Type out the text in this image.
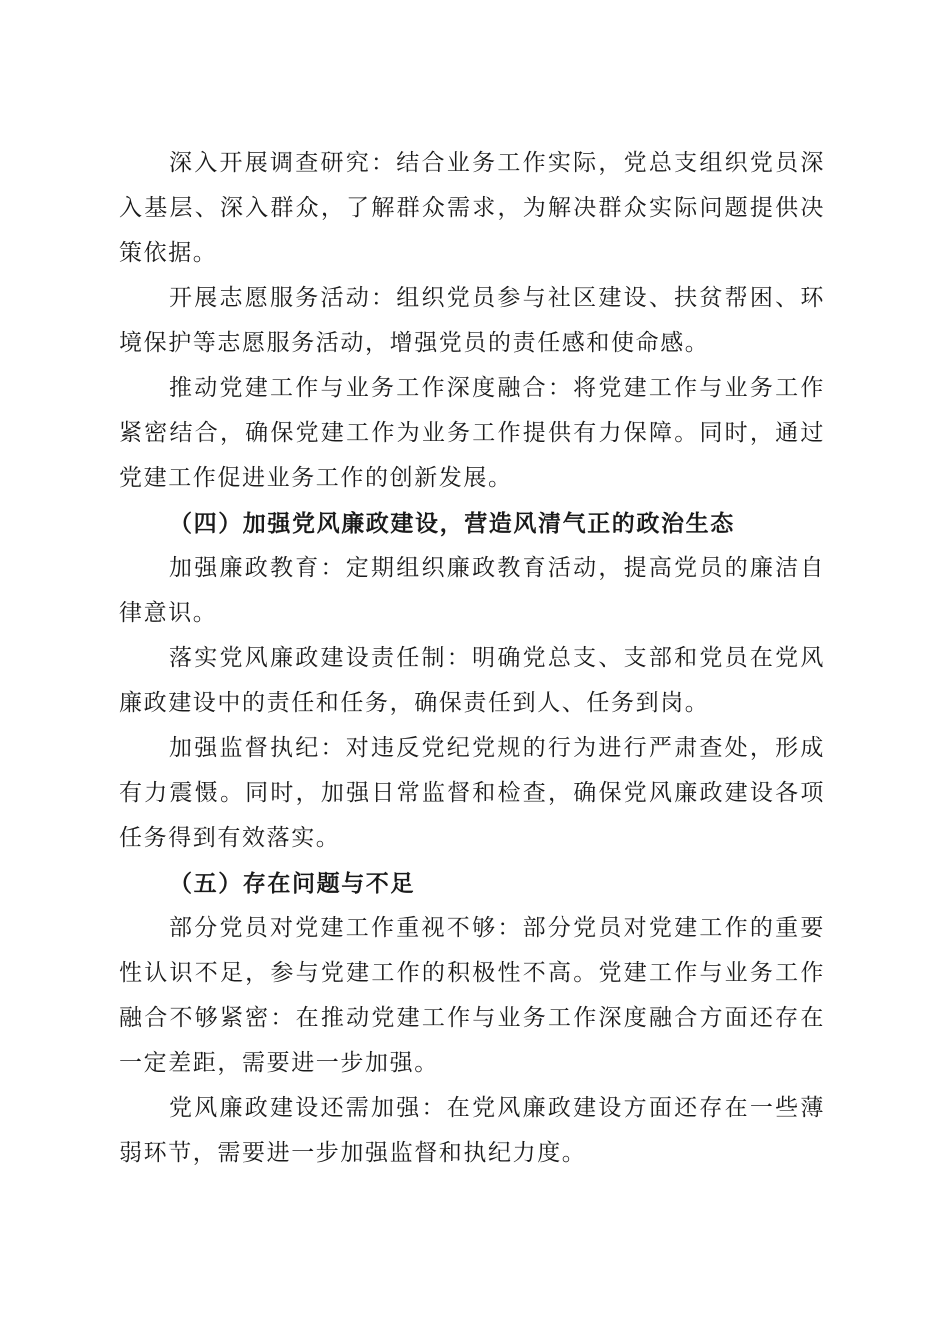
深入开展调查研究：结合业务工作实际，党总支组织党员深入基层、深入群众，了解群众需求，为解决群众实际问题提供决策依据。

开展志愿服务活动：组织党员参与社区建设、扶贫帮困、环境保护等志愿服务活动，增强党员的责任感和使命感。

推动党建工作与业务工作深度融合：将党建工作与业务工作紧密结合，确保党建工作为业务工作提供有力保障。同时，通过党建工作促进业务工作的创新发展。

（四）加强党风廉政建设，营造风清气正的政治生态

加强廉政教育：定期组织廉政教育活动，提高党员的廉洁自律意识。

落实党风廉政建设责任制：明确党总支、支部和党员在党风廉政建设中的责任和任务，确保责任到人、任务到岗。

加强监督执纪：对违反党纪党规的行为进行严肃查处，形成有力震慑。同时，加强日常监督和检查，确保党风廉政建设各项任务得到有效落实。

（五）存在问题与不足

部分党员对党建工作重视不够：部分党员对党建工作的重要性认识不足，参与党建工作的积极性不高。党建工作与业务工作融合不够紧密：在推动党建工作与业务工作深度融合方面还存在一定差距，需要进一步加强。

党风廉政建设还需加强：在党风廉政建设方面还存在一些薄弱环节，需要进一步加强监督和执纪力度。
